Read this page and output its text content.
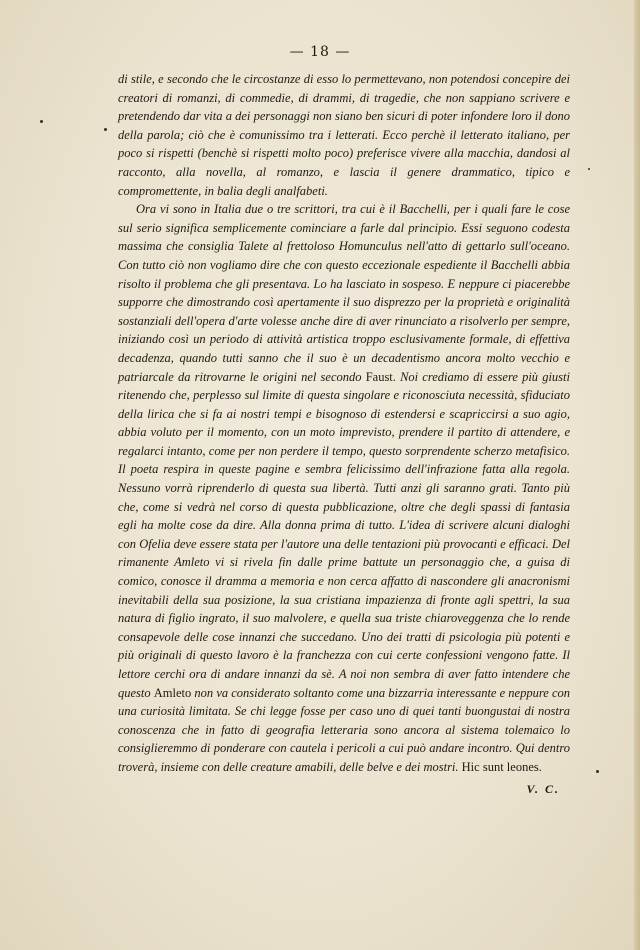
— 18 —

di stile, e secondo che le circostanze di esso lo permettevano, non potendosi concepire dei creatori di romanzi, di commedie, di drammi, di tragedie, che non sappiano scrivere e pretendendo dar vita a dei personaggi non siano ben sicuri di poter infondere loro il dono della parola; ciò che è comunissimo tra i letterati. Ecco perchè il letterato italiano, per poco si rispetti (benchè si rispetti molto poco) preferisce vivere alla macchia, dandosi al racconto, alla novella, al romanzo, e lascia il genere drammatico, tipico e compromettente, in balia degli analfabeti.

Ora vi sono in Italia due o tre scrittori, tra cui è il Bacchelli, per i quali fare le cose sul serio significa semplicemente cominciare a farle dal principio. Essi seguono codesta massima che consiglia Talete al frettoloso Homunculus nell'atto di gettarlo sull'oceano. Con tutto ciò non vogliamo dire che con questo eccezionale espediente il Bacchelli abbia risolto il problema che gli presentava. Lo ha lasciato in sospeso. E neppure ci piacerebbe supporre che dimostrando così apertamente il suo disprezzo per la proprietà e originalità sostanziali dell'opera d'arte volesse anche dire di aver rinunciato a risolverlo per sempre, iniziando così un periodo di attività artistica troppo esclusivamente formale, di effettiva decadenza, quando tutti sanno che il suo è un decadentismo ancora molto vecchio e patriarcale da ritrovarne le origini nel secondo Faust. Noi crediamo di essere più giusti ritenendo che, perplesso sul limite di questa singolare e riconosciuta necessità, sfiduciato della lirica che si fa ai nostri tempi e bisognoso di estendersi e scapriccirsi a suo agio, abbia voluto per il momento, con un moto imprevisto, prendere il partito di attendere, e regalarci intanto, come per non perdere il tempo, questo sorprendente scherzo metafisico. Il poeta respira in queste pagine e sembra felicissimo dell'infrazione fatta alla regola. Nessuno vorrà riprenderlo di questa sua libertà. Tutti anzi gli saranno grati. Tanto più che, come si vedrà nel corso di questa pubblicazione, oltre che degli spassi di fantasia egli ha molte cose da dire. Alla donna prima di tutto. L'idea di scrivere alcuni dialoghi con Ofelia deve essere stata per l'autore una delle tentazioni più provocanti e efficaci. Del rimanente Amleto vi si rivela fin dalle prime battute un personaggio che, a guisa di comico, conosce il dramma a memoria e non cerca affatto di nascondere gli anacronismi inevitabili della sua posizione, la sua cristiana impazienza di fronte agli spettri, la sua natura di figlio ingrato, il suo malvolere, e quella sua triste chiaroveggenza che lo rende consapevole delle cose innanzi che succedano. Uno dei tratti di psicologia più potenti e più originali di questo lavoro è la franchezza con cui certe confessioni vengono fatte. Il lettore cerchi ora di andare innanzi da sè. A noi non sembra di aver fatto intendere che questo Amleto non va considerato soltanto come una bizzarria interessante e neppure con una curiosità limitata. Se chi legge fosse per caso uno di quei tanti buongustai di nostra conoscenza che in fatto di geografia letteraria sono ancora al sistema tolemaico lo consiglieremmo di ponderare con cautela i pericoli a cui può andare incontro. Qui dentro troverà, insieme con delle creature amabili, delle belve e dei mostri. Hic sunt leones.

V. C.
